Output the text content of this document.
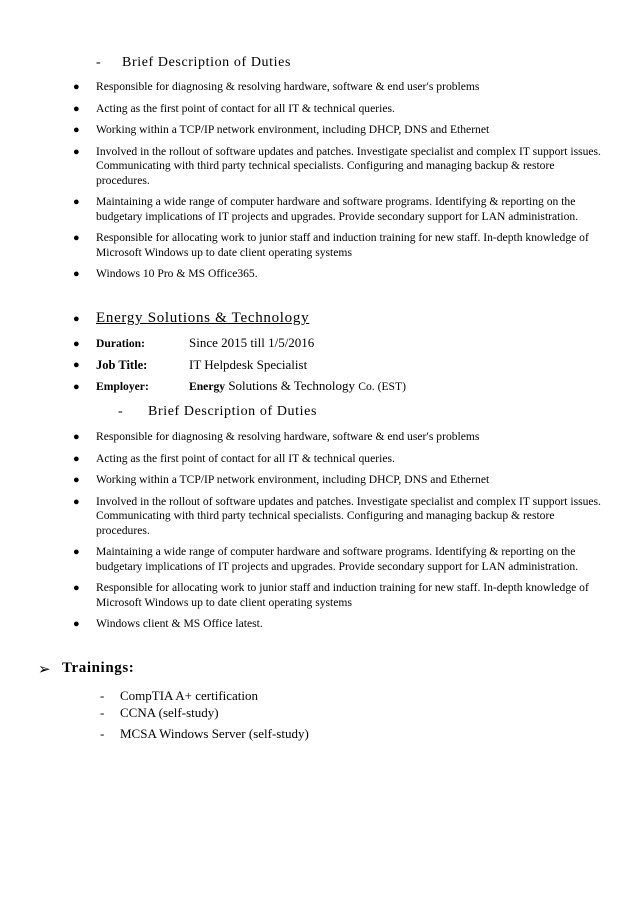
- Brief Description of Duties
● Responsible for diagnosing & resolving hardware, software & end user′s problems
● Acting as the first point of contact for all IT & technical queries.
● Working within a TCP/IP network environment, including DHCP, DNS and Ethernet
● Involved in the rollout of software updates and patches. Investigate specialist and complex IT support issues. Communicating with third party technical specialists. Configuring and managing backup & restore procedures.
● Maintaining a wide range of computer hardware and software programs. Identifying & reporting on the budgetary implications of IT projects and upgrades. Provide secondary support for LAN administration.
● Responsible for allocating work to junior staff and induction training for new staff. In-depth knowledge of Microsoft Windows up to date client operating systems
● Windows 10 Pro & MS Office365.
● Energy Solutions & Technology
● Duration:	Since 2015 till 1/5/2016
● Job Title:	IT Helpdesk Specialist
● Employer:	Energy Solutions & Technology Co. (EST)
- Brief Description of Duties
● Responsible for diagnosing & resolving hardware, software & end user′s problems
● Acting as the first point of contact for all IT & technical queries.
● Working within a TCP/IP network environment, including DHCP, DNS and Ethernet
● Involved in the rollout of software updates and patches. Investigate specialist and complex IT support issues. Communicating with third party technical specialists. Configuring and managing backup & restore procedures.
● Maintaining a wide range of computer hardware and software programs. Identifying & reporting on the budgetary implications of IT projects and upgrades. Provide secondary support for LAN administration.
● Responsible for allocating work to junior staff and induction training for new staff. In-depth knowledge of Microsoft Windows up to date client operating systems
● Windows client & MS Office latest.
➢ Trainings:
- CompTIA A+ certification
- CCNA (self-study)
- MCSA Windows Server (self-study)
